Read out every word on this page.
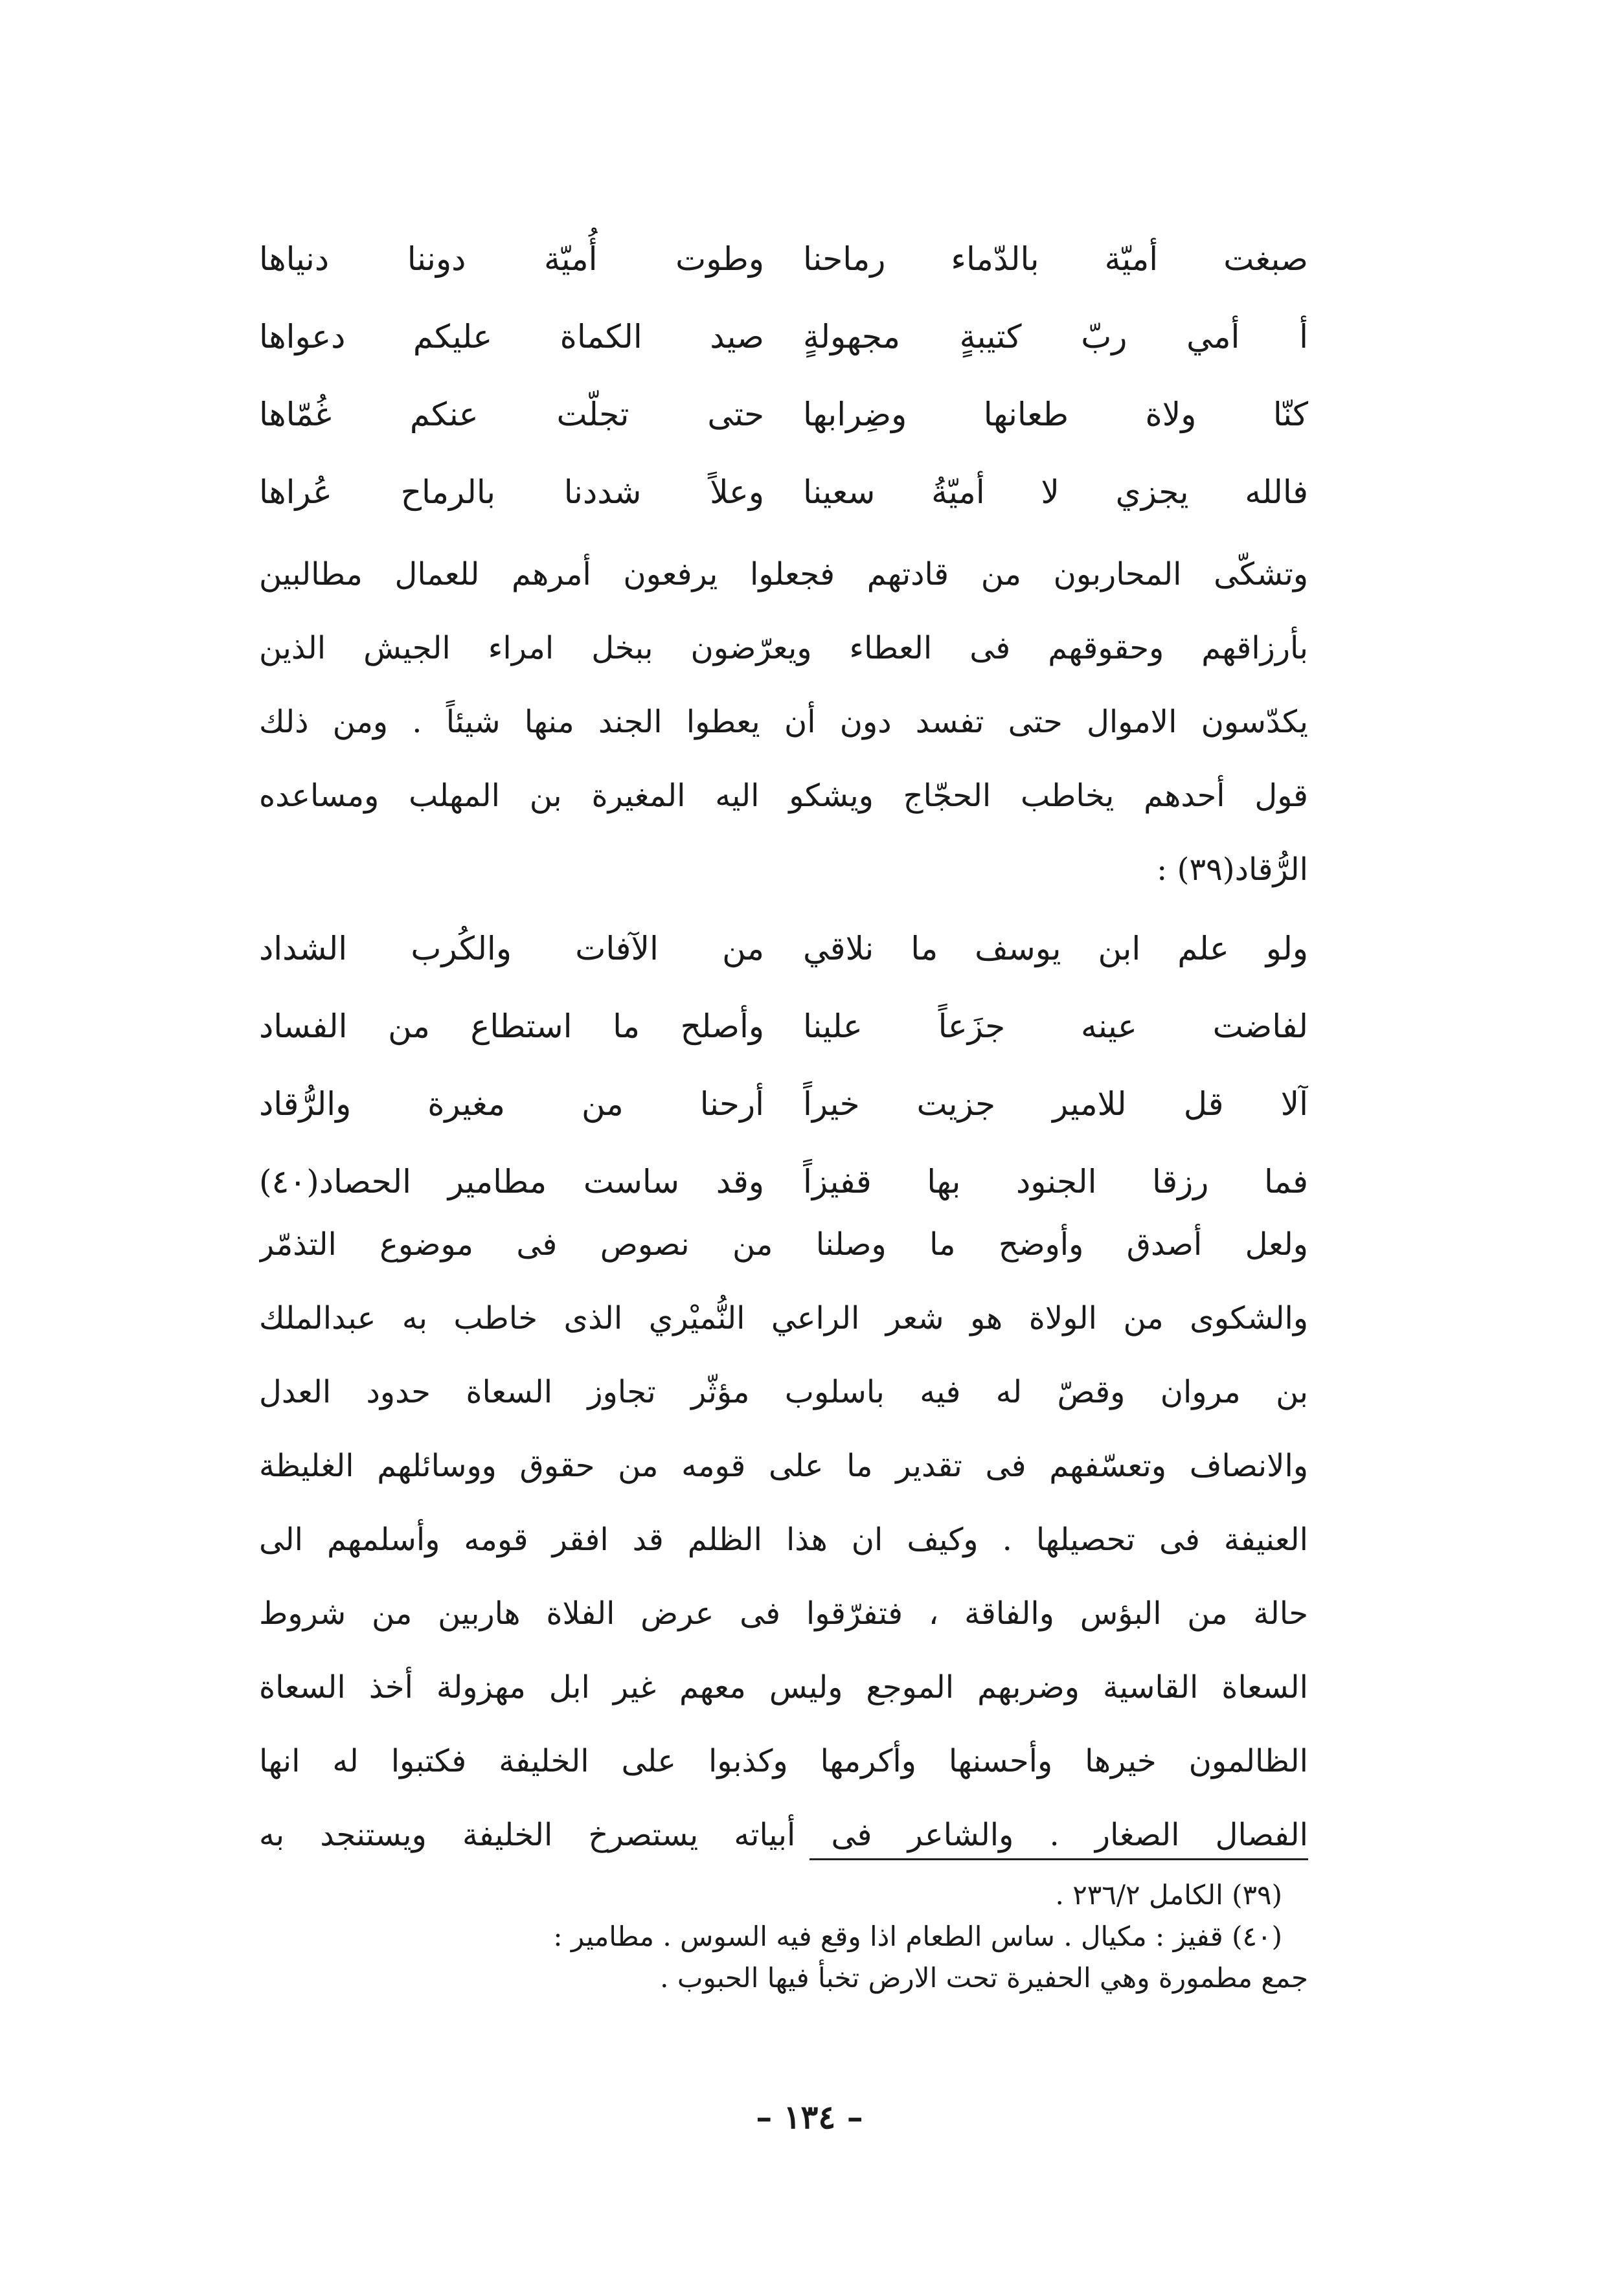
صبغت أميّة بالدّماء رماحنا
وطوت أُميّة دوننا دنياها
أ أمي ربّ كتيبةٍ مجهولةٍ
صيد الكماة عليكم دعواها
كنّا ولاة طعانها وضِرابها
حتى تجلّت عنكم غُمّاها
فالله يجزي لا أميّةُ سعينا
وعلاً شددنا بالرماح عُراها
وتشكّى المحاربون من قادتهم فجعلوا يرفعون أمرهم للعمال مطالبين
بأرزاقهم وحقوقهم فى العطاء ويعرّضون ببخل امراء الجيش الذين
يكدّسون الاموال حتى تفسد دون أن يعطوا الجند منها شيئاً . ومن ذلك
قول أحدهم يخاطب الحجّاج ويشكو اليه المغيرة بن المهلب ومساعده
الرُّقاد(٣٩) :
ولو علم ابن يوسف ما نلاقي
من الآفات والكُرب الشداد
لفاضت عينه جزَعاً علينا
وأصلح ما استطاع من الفساد
آلا قل للامير جزيت خيراً
أرحنا من مغيرة والرُّقاد
فما رزقا الجنود بها قفيزاً
وقد ساست مطامير الحصاد(٤٠)
ولعل أصدق وأوضح ما وصلنا من نصوص فى موضوع التذمّر
والشكوى من الولاة هو شعر الراعي النُّميْري الذى خاطب به عبدالملك
بن مروان وقصّ له فيه باسلوب مؤثّر تجاوز السعاة حدود العدل
والانصاف وتعسّفهم فى تقدير ما على قومه من حقوق ووسائلهم الغليظة
العنيفة فى تحصيلها . وكيف ان هذا الظلم قد افقر قومه وأسلمهم الى
حالة من البؤس والفاقة ، فتفرّقوا فى عرض الفلاة هاربين من شروط
السعاة القاسية وضربهم الموجع وليس معهم غير ابل مهزولة أخذ السعاة
الظالمون خيرها وأحسنها وأكرمها وكذبوا على الخليفة فكتبوا له انها
الفصال الصغار . والشاعر فى أبياته يستصرخ الخليفة ويستنجد به
(٣٩) الكامل ٢٣٦/٢ .
(٤٠) قفيز : مكيال . ساس الطعام اذا وقع فيه السوس . مطامير :
جمع مطمورة وهي الحفيرة تحت الارض تخبأ فيها الحبوب .
– ١٣٤ –
